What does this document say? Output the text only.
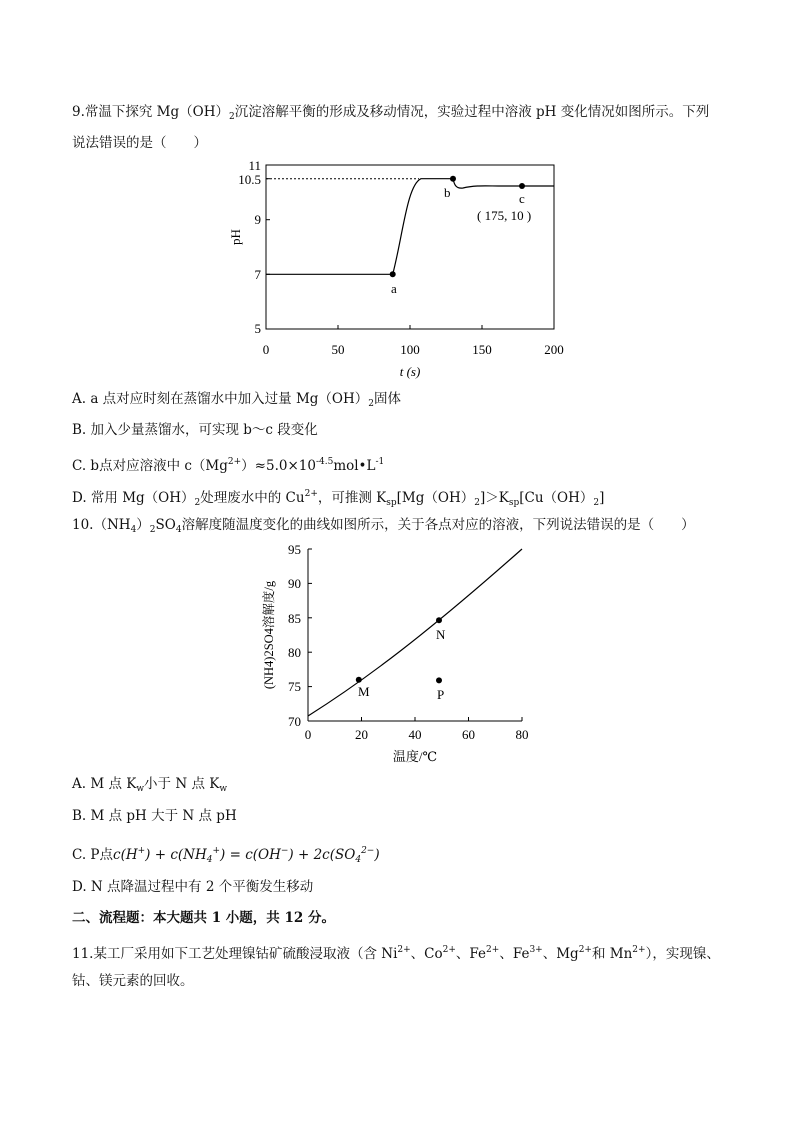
9.常温下探究 $Mg(OH)_2$沉淀溶解平衡的形成及移动情况，实验过程中溶液 pH 变化情况如图所示。下列
说法错误的是（　　）
a
b	c
( 175, 10 )
5
7
9
10.5
11
0	50	100	150	200
t (s)
pH
A. a 点对应时刻在蒸馏水中加入过量 $Mg(OH)_2$固体
B. 加入少量蒸馏水，可实现 b～c 段变化
C. b点对应溶液中 $c(Mg^{2+})\approx 5.0\times 10^{-4.5}mol•L^{-1}$
D. 常用 $Mg(OH)_2$处理废水中的 $Cu^{2+}$，可推测 $K_{sp}[Mg(OH)_2]>K_{sp}[Cu(OH)_2]$
$10.(NH_4)_2SO_4$溶解度随温度变化的曲线如图所示，关于各点对应的溶液，下列说法错误的是（　　）
M
N
P
70
75
80
85
90
95
0	20	40	60	80
温度/℃
(NH4)2SO4溶解度/g
A. M 点 $K_w$小于 N 点 $K_w$
B. M 点 pH 大于 N 点 pH
C. P点$c(H^+) + c(NH_4^+) = c(OH^-) + 2c(SO_4^{2-})$
D. N 点降温过程中有 2 个平衡发生移动
二、流程题：本大题共 1 小题，共 12 分。
11.某工厂采用如下工艺处理镍钴矿硫酸浸取液（含 $Ni^{2+}$、$Co^{2+}$、$Fe^{2+}$、$Fe^{3+}$、$Mg^{2+}$和 $Mn^{2+}$），实现镍、
钴、镁元素的回收。
